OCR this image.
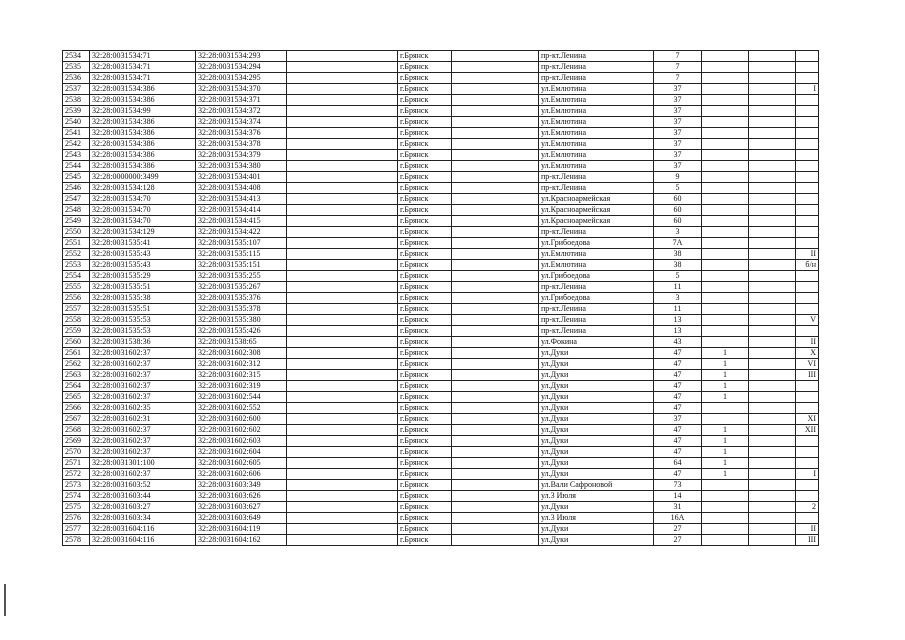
2534	32:28:0031534:71	32:28:0031534:293		г.Брянск		пр-кт.Ленина	7			
2535	32:28:0031534:71	32:28:0031534:294		г.Брянск		пр-кт.Ленина	7			
2536	32:28:0031534:71	32:28:0031534:295		г.Брянск		пр-кт.Ленина	7			
2537	32:28:0031534:386	32:28:0031534:370		г.Брянск		ул.Емлютина	37			I
2538	32:28:0031534:386	32:28:0031534:371		г.Брянск		ул.Емлютина	37			
2539	32:28:0031534:99	32:28:0031534:372		г.Брянск		ул.Емлютина	37			
2540	32:28:0031534:386	32:28:0031534:374		г.Брянск		ул.Емлютина	37			
2541	32:28:0031534:386	32:28:0031534:376		г.Брянск		ул.Емлютина	37			
2542	32:28:0031534:386	32:28:0031534:378		г.Брянск		ул.Емлютина	37			
2543	32:28:0031534:386	32:28:0031534:379		г.Брянск		ул.Емлютина	37			
2544	32:28:0031534:386	32:28:0031534:380		г.Брянск		ул.Емлютина	37			
2545	32:28:0000000:3499	32:28:0031534:401		г.Брянск		пр-кт.Ленина	9			
2546	32:28:0031534:128	32:28:0031534:408		г.Брянск		пр-кт.Ленина	5			
2547	32:28:0031534:70	32:28:0031534:413		г.Брянск		ул.Красноармейская	60			
2548	32:28:0031534:70	32:28:0031534:414		г.Брянск		ул.Красноармейская	60			
2549	32:28:0031534:70	32:28:0031534:415		г.Брянск		ул.Красноармейская	60			
2550	32:28:0031534:129	32:28:0031534:422		г.Брянск		пр-кт.Ленина	3			
2551	32:28:0031535:41	32:28:0031535:107		г.Брянск		ул.Грибоедова	7А			
2552	32:28:0031535:43	32:28:0031535:115		г.Брянск		ул.Емлютина	38			II
2553	32:28:0031535:43	32:28:0031535:151		г.Брянск		ул.Емлютина	38			б/н
2554	32:28:0031535:29	32:28:0031535:255		г.Брянск		ул.Грибоедова	5			
2555	32:28:0031535:51	32:28:0031535:267		г.Брянск		пр-кт.Ленина	11			
2556	32:28:0031535:38	32:28:0031535:376		г.Брянск		ул.Грибоедова	3			
2557	32:28:0031535:51	32:28:0031535:378		г.Брянск		пр-кт.Ленина	11			
2558	32:28:0031535:53	32:28:0031535:380		г.Брянск		пр-кт.Ленина	13			V
2559	32:28:0031535:53	32:28:0031535:426		г.Брянск		пр-кт.Ленина	13			
2560	32:28:0031538:36	32:28:0031538:65		г.Брянск		ул.Фокина	43			II
2561	32:28:0031602:37	32:28:0031602:308		г.Брянск		ул.Дуки	47	1		X
2562	32:28:0031602:37	32:28:0031602:312		г.Брянск		ул.Дуки	47	1		VI
2563	32:28:0031602:37	32:28:0031602:315		г.Брянск		ул.Дуки	47	1		III
2564	32:28:0031602:37	32:28:0031602:319		г.Брянск		ул.Дуки	47	1		
2565	32:28:0031602:37	32:28:0031602:544		г.Брянск		ул.Дуки	47	1		
2566	32:28:0031602:35	32:28:0031602:552		г.Брянск		ул.Дуки	47			
2567	32:28:0031602:31	32:28:0031602:600		г.Брянск		ул.Дуки	37			XI
2568	32:28:0031602:37	32:28:0031602:602		г.Брянск		ул.Дуки	47	1		XII
2569	32:28:0031602:37	32:28:0031602:603		г.Брянск		ул.Дуки	47	1		
2570	32:28:0031602:37	32:28:0031602:604		г.Брянск		ул.Дуки	47	1		
2571	32:28:0031301:100	32:28:0031602:605		г.Брянск		ул.Дуки	64	1		
2572	32:28:0031602:37	32:28:0031602:606		г.Брянск		ул.Дуки	47	1		I
2573	32:28:0031603:52	32:28:0031603:349		г.Брянск		ул.Вали Сафроновой	73			
2574	32:28:0031603:44	32:28:0031603:626		г.Брянск		ул.3 Июля	14			
2575	32:28:0031603:27	32:28:0031603:627		г.Брянск		ул.Дуки	31			2
2576	32:28:0031603:34	32:28:0031603:649		г.Брянск		ул.3 Июля	16А			
2577	32:28:0031604:116	32:28:0031604:119		г.Брянск		ул.Дуки	27			II
2578	32:28:0031604:116	32:28:0031604:162		г.Брянск		ул.Дуки	27			III
